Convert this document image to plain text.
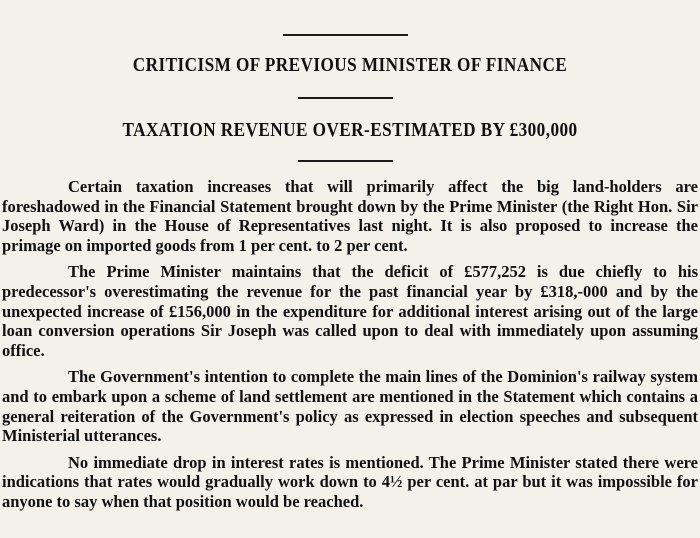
CRITICISM OF PREVIOUS MINISTER OF FINANCE
TAXATION REVENUE OVER-ESTIMATED BY £300,000

Certain taxation increases that will primarily affect the big land-holders are foreshadowed in the Financial Statement brought down by the Prime Minister (the Right Hon. Sir Joseph Ward) in the House of Representatives last night. It is also proposed to increase the primage on imported goods from 1 per cent. to 2 per cent.

The Prime Minister maintains that the deficit of £577,252 is due chiefly to his predecessor's overestimating the revenue for the past financial year by £318,-000 and by the unexpected increase of £156,000 in the expenditure for additional interest arising out of the large loan conversion operations Sir Joseph was called upon to deal with immediately upon assuming office.

The Government's intention to complete the main lines of the Dominion's railway system and to embark upon a scheme of land settlement are mentioned in the Statement which contains a general reiteration of the Government's policy as expressed in election speeches and subsequent Ministerial utterances.

No immediate drop in interest rates is mentioned. The Prime Minister stated there were indications that rates would gradually work down to 4½ per cent. at par but it was impossible for anyone to say when that position would be reached.
